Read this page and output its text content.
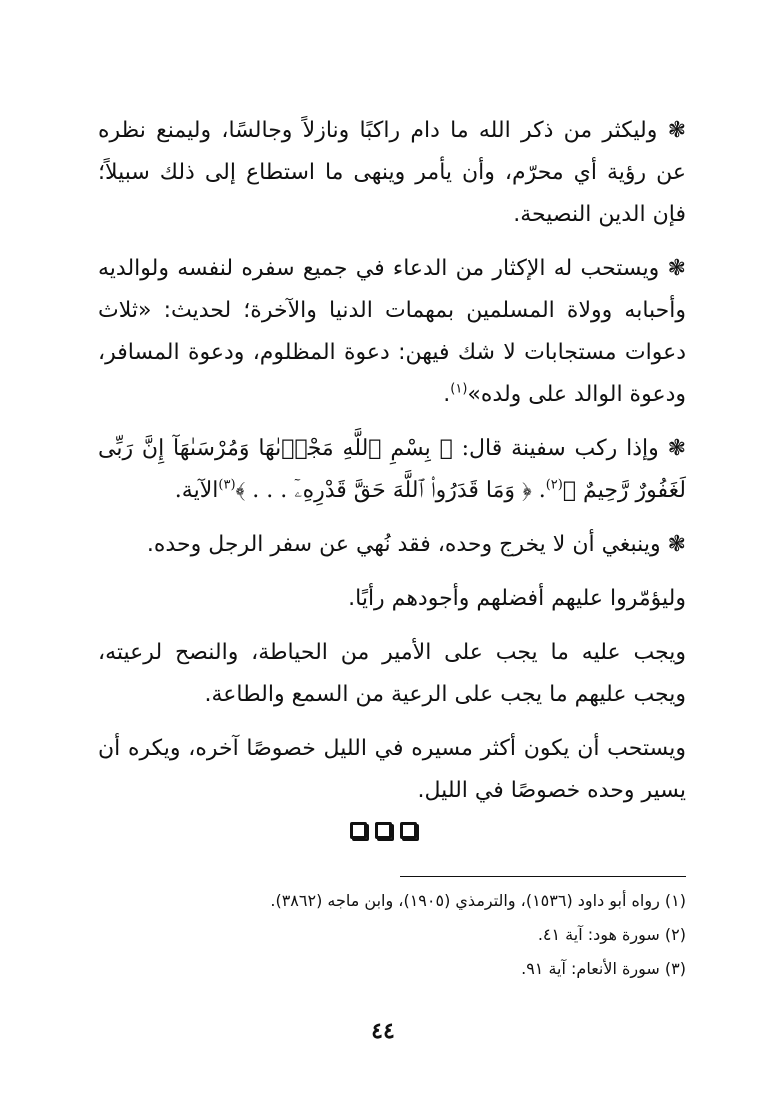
❃ وليكثر من ذكر الله ما دام راكبًا ونازلاً وجالسًا، وليمنع نظره عن رؤية أي محرّم، وأن يأمر وينهى ما استطاع إلى ذلك سبيلاً؛ فإن الدين النصيحة.

❃ ويستحب له الإكثار من الدعاء في جميع سفره لنفسه ولوالديه وأحبابه وولاة المسلمين بمهمات الدنيا والآخرة؛ لحديث: «ثلاث دعوات مستجابات لا شك فيهن: دعوة المظلوم، ودعوة المسافر، ودعوة الوالد على ولده»$^{(١)}$.

❃ وإذا ركب سفينة قال: ﴿ بِسْمِ ٱللَّهِ مَجْرٜىٰهَا وَمُرْسَىٰهَآ إِنَّ رَبِّى لَغَفُورٌ رَّحِيمٌ ﴾$^{(٢)}$. ﴿ وَمَا قَدَرُوا۟ ٱللَّهَ حَقَّ قَدْرِهِۦٓ . . . ﴾$^{(٣)}$الآية.

❃ وينبغي أن لا يخرج وحده، فقد نُهي عن سفر الرجل وحده.

وليؤمّروا عليهم أفضلهم وأجودهم رأيًا.

ويجب عليه ما يجب على الأمير من الحياطة، والنصح لرعيته، ويجب عليهم ما يجب على الرعية من السمع والطاعة.

ويستحب أن يكون أكثر مسيره في الليل خصوصًا آخره، ويكره أن يسير وحده خصوصًا في الليل.

(١) رواه أبو داود (١٥٣٦)، والترمذي (١٩٠٥)، وابن ماجه (٣٨٦٢).

(٢) سورة هود: آية ٤١.

(٣) سورة الأنعام: آية ٩١.

٤٤
